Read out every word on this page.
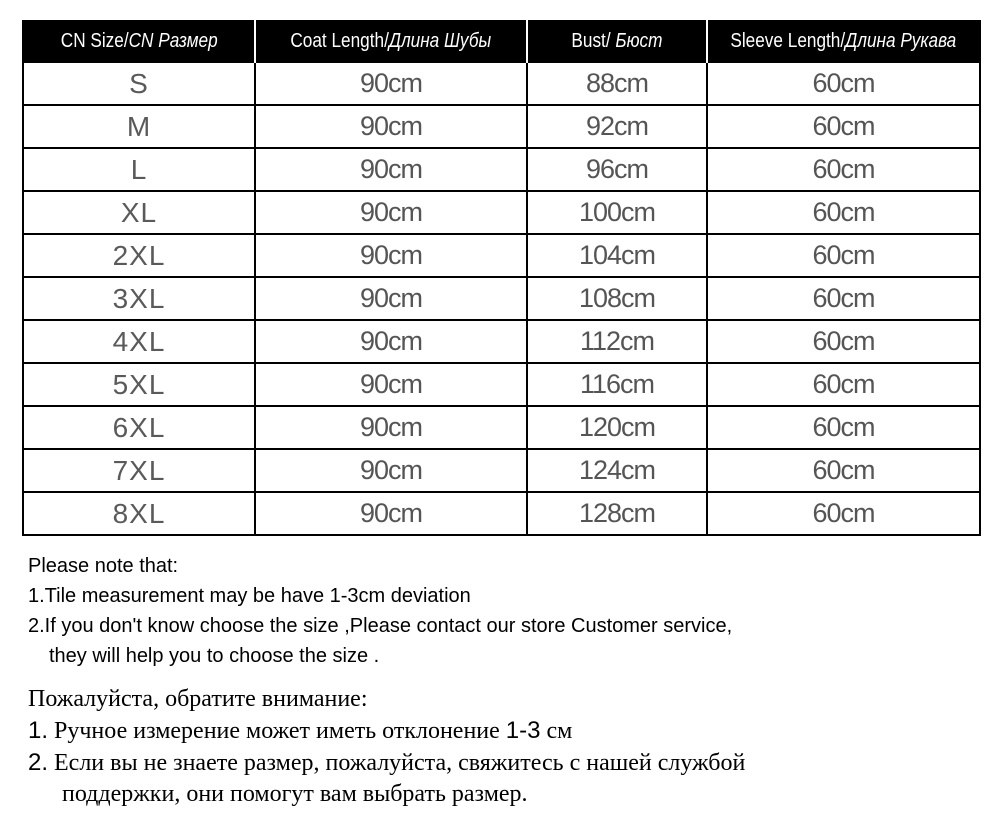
CN Size/CN Размер	Coat Length/Длина Шубы	Bust/ Бюст	Sleeve Length/Длина Рукава
S	90cm	88cm	60cm
M	90cm	92cm	60cm
L	90cm	96cm	60cm
XL	90cm	100cm	60cm
2XL	90cm	104cm	60cm
3XL	90cm	108cm	60cm
4XL	90cm	112cm	60cm
5XL	90cm	116cm	60cm
6XL	90cm	120cm	60cm
7XL	90cm	124cm	60cm
8XL	90cm	128cm	60cm
Please note that:
1.Tile measurement may be have 1-3cm deviation
2.If you don't know choose the size ,Please contact our store Customer service,
they will help you to choose the size .
Пожалуйста, обратите внимание:
1. Ручное измерение может иметь отклонение 1-3 см
2. Если вы не знаете размер, пожалуйста, свяжитесь с нашей службой
поддержки, они помогут вам выбрать размер.
